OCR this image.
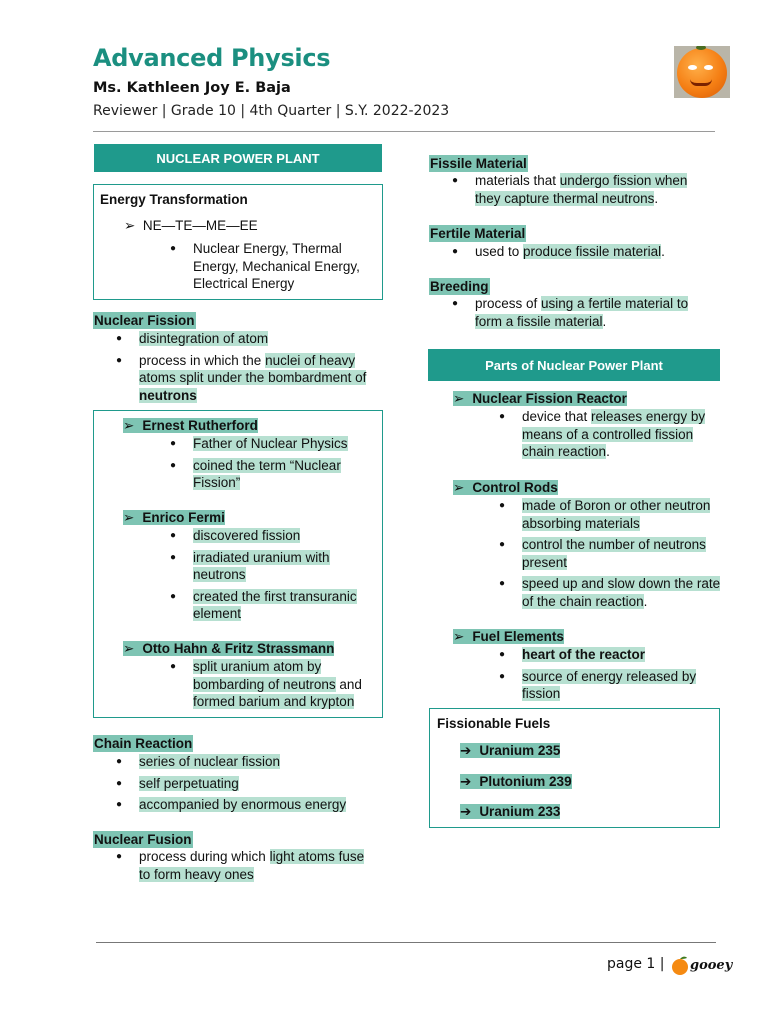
Advanced Physics
Ms. Kathleen Joy E. Baja
Reviewer | Grade 10 | 4th Quarter | S.Y. 2022-2023
NUCLEAR POWER PLANT
Energy Transformation
➢ NE—TE—ME—EE
● Nuclear Energy, Thermal Energy, Mechanical Energy, Electrical Energy
Nuclear Fission
● disintegration of atom
● process in which the nuclei of heavy atoms split under the bombardment of neutrons
➢ Ernest Rutherford
● Father of Nuclear Physics
● coined the term “Nuclear Fission”
➢ Enrico Fermi
● discovered fission
● irradiated uranium with neutrons
● created the first transuranic element
➢ Otto Hahn & Fritz Strassmann
● split uranium atom by bombarding of neutrons and formed barium and krypton
Chain Reaction
● series of nuclear fission
● self perpetuating
● accompanied by enormous energy
Nuclear Fusion
● process during which light atoms fuse to form heavy ones
Fissile Material
● materials that undergo fission when they capture thermal neutrons.
Fertile Material
● used to produce fissile material.
Breeding
● process of using a fertile material to form a fissile material.
Parts of Nuclear Power Plant
➢ Nuclear Fission Reactor
● device that releases energy by means of a controlled fission chain reaction.
➢ Control Rods
● made of Boron or other neutron absorbing materials
● control the number of neutrons present
● speed up and slow down the rate of the chain reaction.
➢ Fuel Elements
● heart of the reactor
● source of energy released by fission
Fissionable Fuels
➔ Uranium 235
➔ Plutonium 239
➔ Uranium 233
page 1 | gooey
